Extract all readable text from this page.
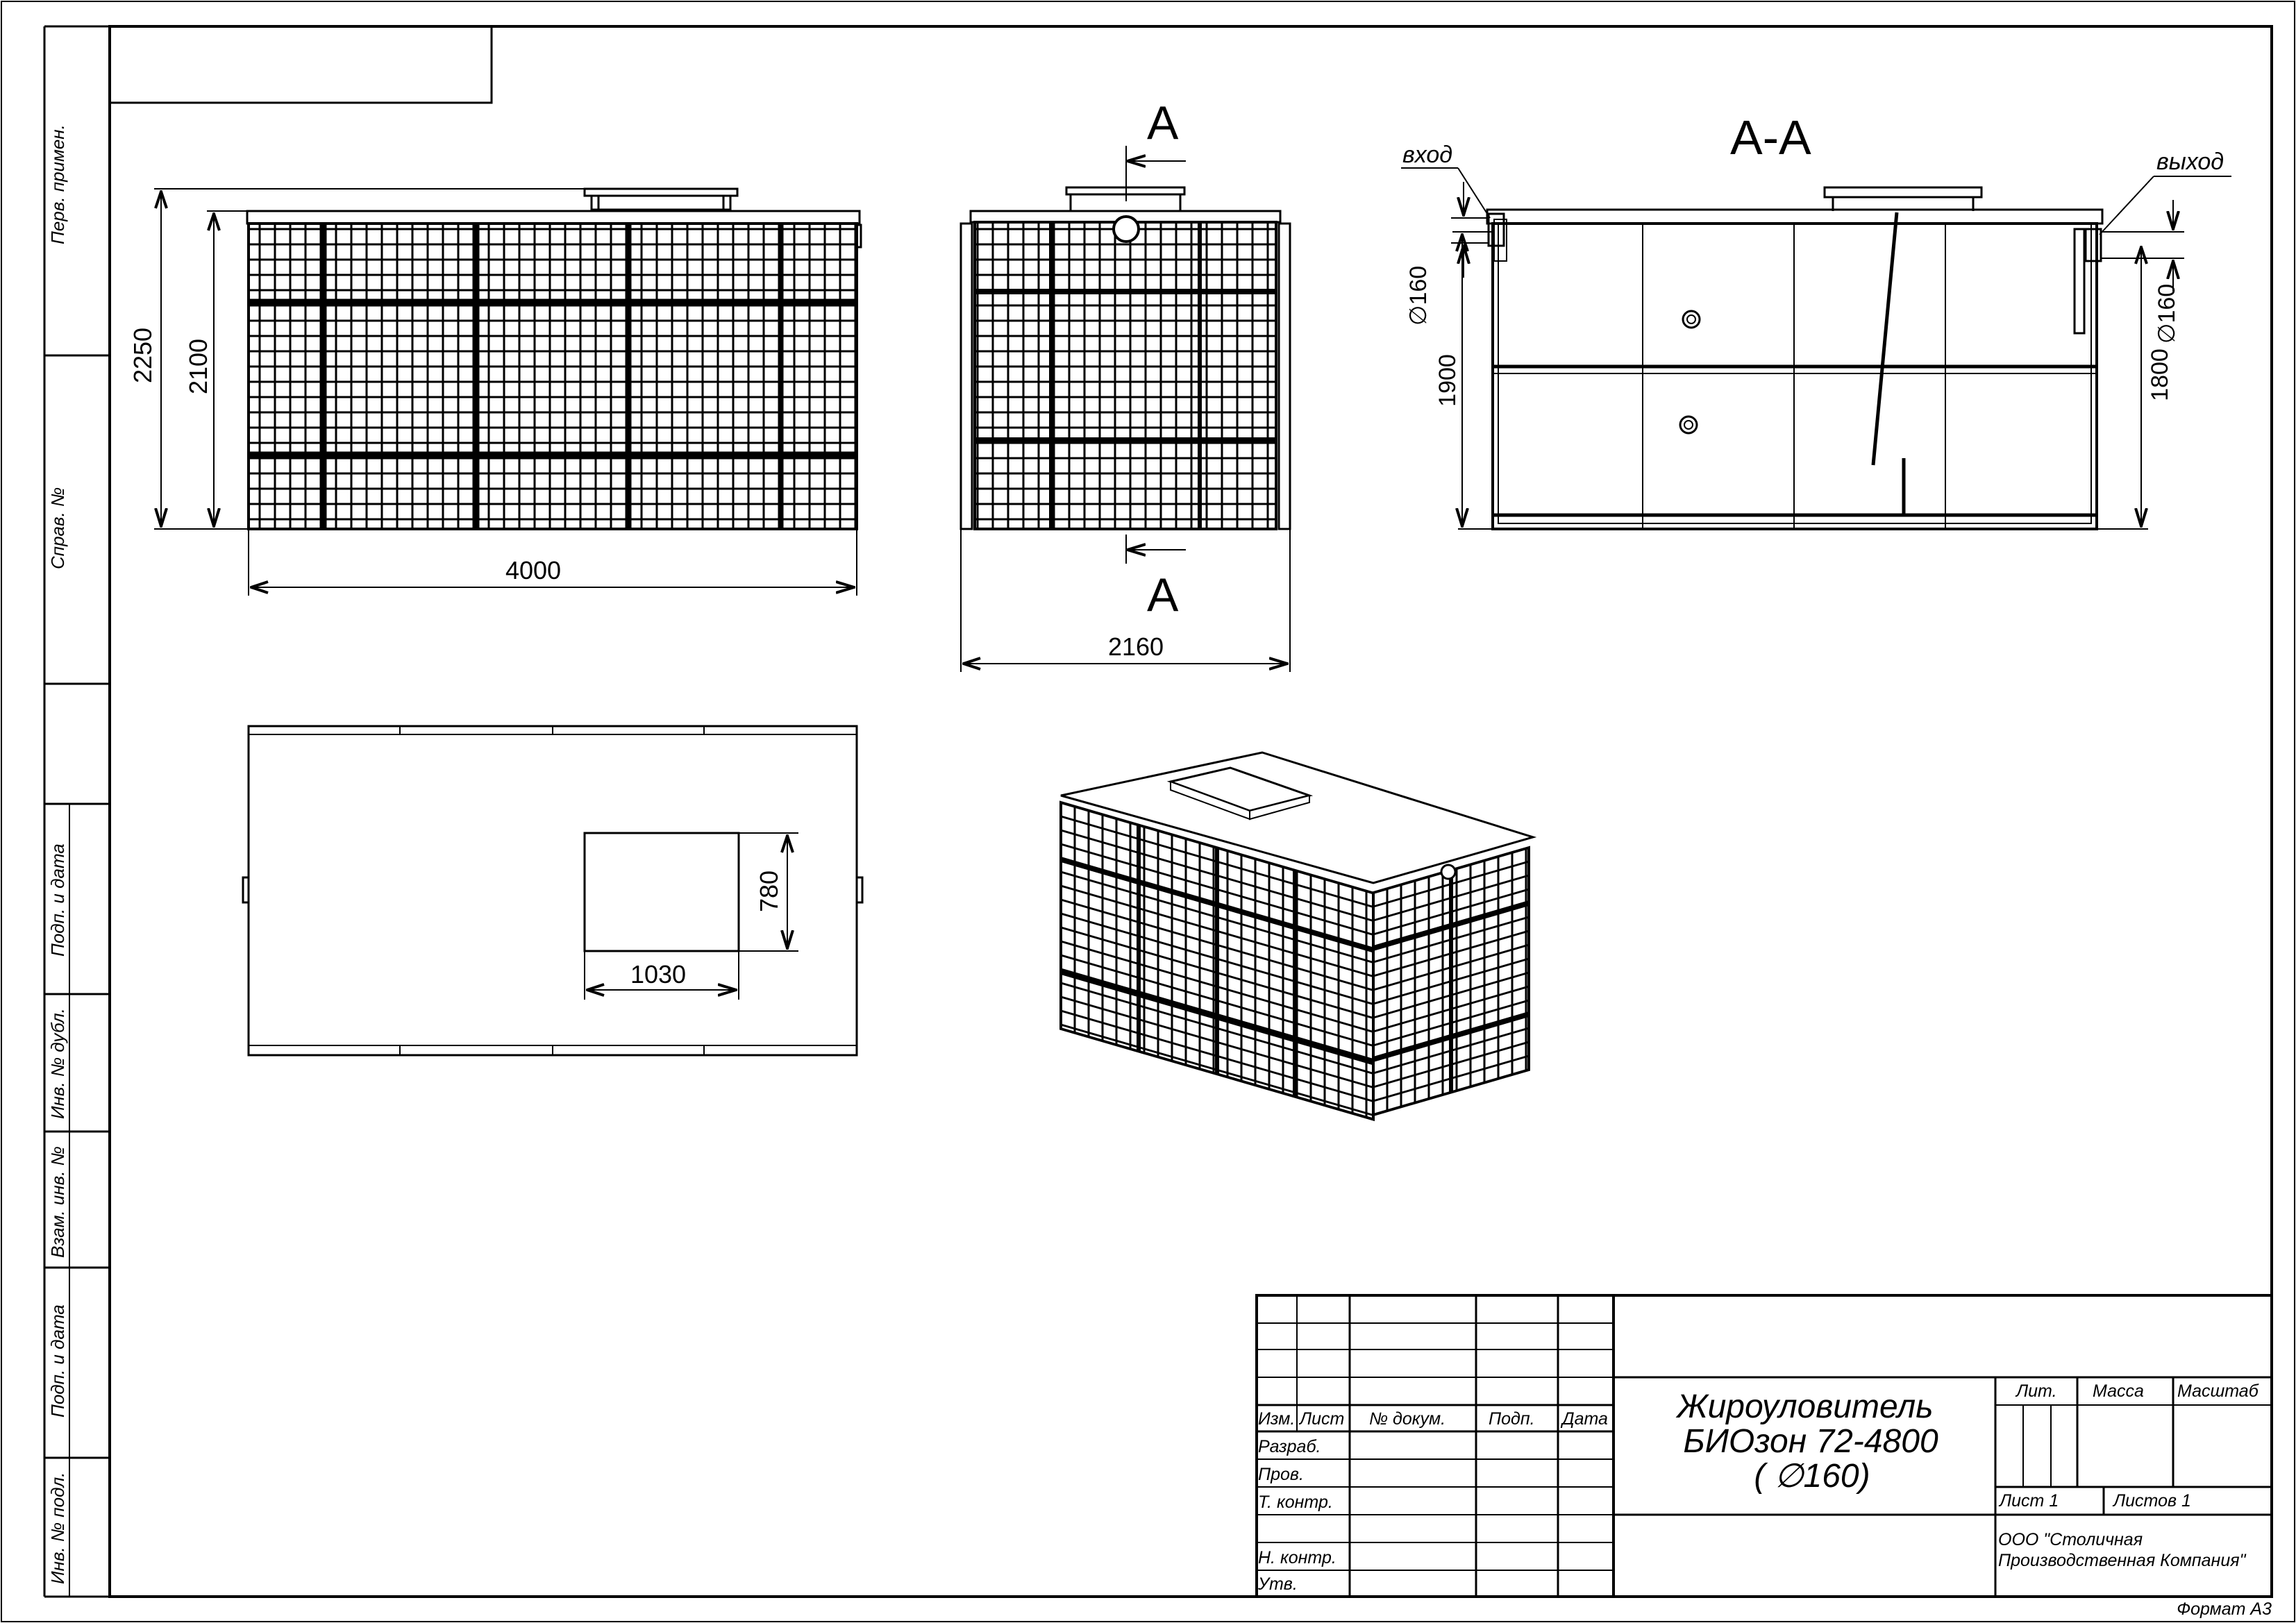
Перв. примен.
Справ. №
Подп. и дата
Инв. № дубл.
Взам. инв. №
Подп. и дата
Инв. № подл.
2250 2100
4000
А
А
2160
А-А
вход	выход
∅160
1900
∅160
1800
780
1030
Изм. Лист № докум. Подп. Дата
Разраб.
Пров.
Т. контр.
Н. контр.
Утв.
Жироуловитель
БИОзон 72-4800
( ∅160)
Лит. Масса Масштаб
Лист 1	Листов 1
ООО "Столичная
Производственная Компания"
Формат А3
